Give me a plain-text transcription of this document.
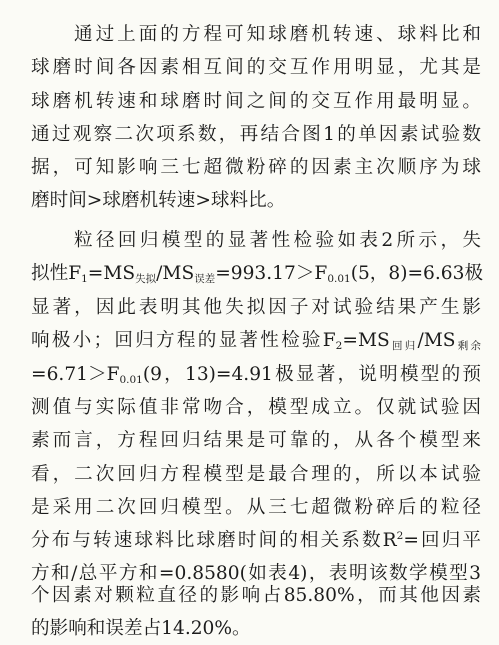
通过上面的方程可知球磨机转速、球料比和
球磨时间各因素相互间的交互作用明显，尤其是
球磨机转速和球磨时间之间的交互作用最明显。
通过观察二次项系数，再结合图1的单因素试验数
据，可知影响三七超微粉碎的因素主次顺序为球
磨时间>球磨机转速>球料比。
粒径回归模型的显著性检验如表2所示，失
拟性$F_1=MS_{失拟}/MS_{误差}=993.17>F_{0.01}(5$，8)=6.63极
显著，因此表明其他失拟因子对试验结果产生影
响极小；回归方程的显著性检验$F_2=MS_{回归}/MS_{剩余}$
$=6.71>F_{0.01}(9$，13)=4.91极显著，说明模型的预
测值与实际值非常吻合，模型成立。仅就试验因
素而言，方程回归结果是可靠的，从各个模型来
看，二次回归方程模型是最合理的，所以本试验
是采用二次回归模型。从三七超微粉碎后的粒径
分布与转速球料比球磨时间的相关系数$R^2=$回归平
方和/总平方和=0.8580(如表4)，表明该数学模型3
个因素对颗粒直径的影响占85.80%，而其他因素
的影响和误差占14.20%。
